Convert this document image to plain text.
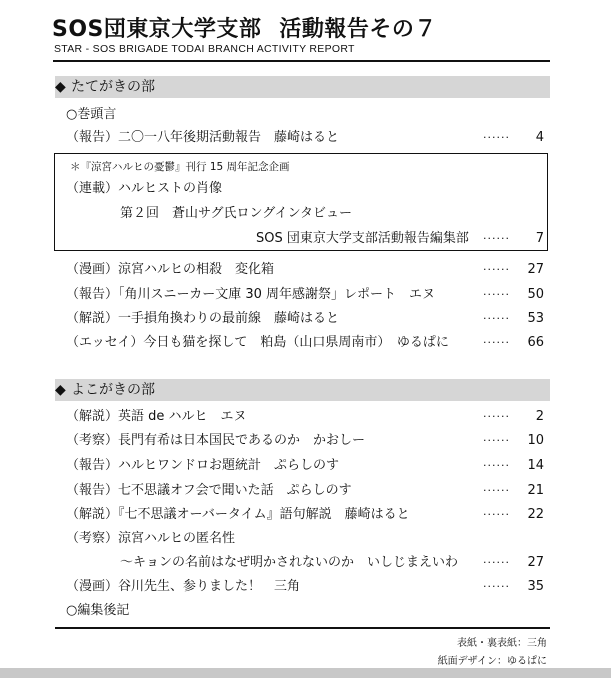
SOS団東京大学支部 活動報告その７
STAR - SOS BRIGADE TODAI BRANCH ACTIVITY REPORT
◆ たてがきの部
○巻頭言
（報告）二〇一八年後期活動報告　藤崎はると	......	4
＊『涼宮ハルヒの憂鬱』刊行 15 周年記念企画
（連載）ハルヒストの肖像
第２回　蒼山サグ氏ロングインタビュー
SOS 団東京大学支部活動報告編集部 ......	7
（漫画）涼宮ハルヒの相殺　変化箱	......	27
（報告）「角川スニーカー文庫 30 周年感謝祭」レポート　エヌ	......	50
（解説）一手損角換わりの最前線　藤崎はると	......	53
（エッセイ）今日も猫を探して　粕島（山口県周南市）　ゆるぱに	......	66
◆ よこがきの部
（解説）英語 de ハルヒ　エヌ	......	2
（考察）長門有希は日本国民であるのか　かおしー	......	10
（報告）ハルヒワンドロお題統計　ぷらしのす	......	14
（報告）七不思議オフ会で聞いた話　ぷらしのす	......	21
（解説）『七不思議オーバータイム』語句解説　藤崎はると	......	22
（考察）涼宮ハルヒの匿名性
～キョンの名前はなぜ明かされないのか　いしじまえいわ ......	27
（漫画）谷川先生、参りました！　三角	......	35
○編集後記
表紙・裏表紙：三角
紙面デザイン：ゆるぱに
